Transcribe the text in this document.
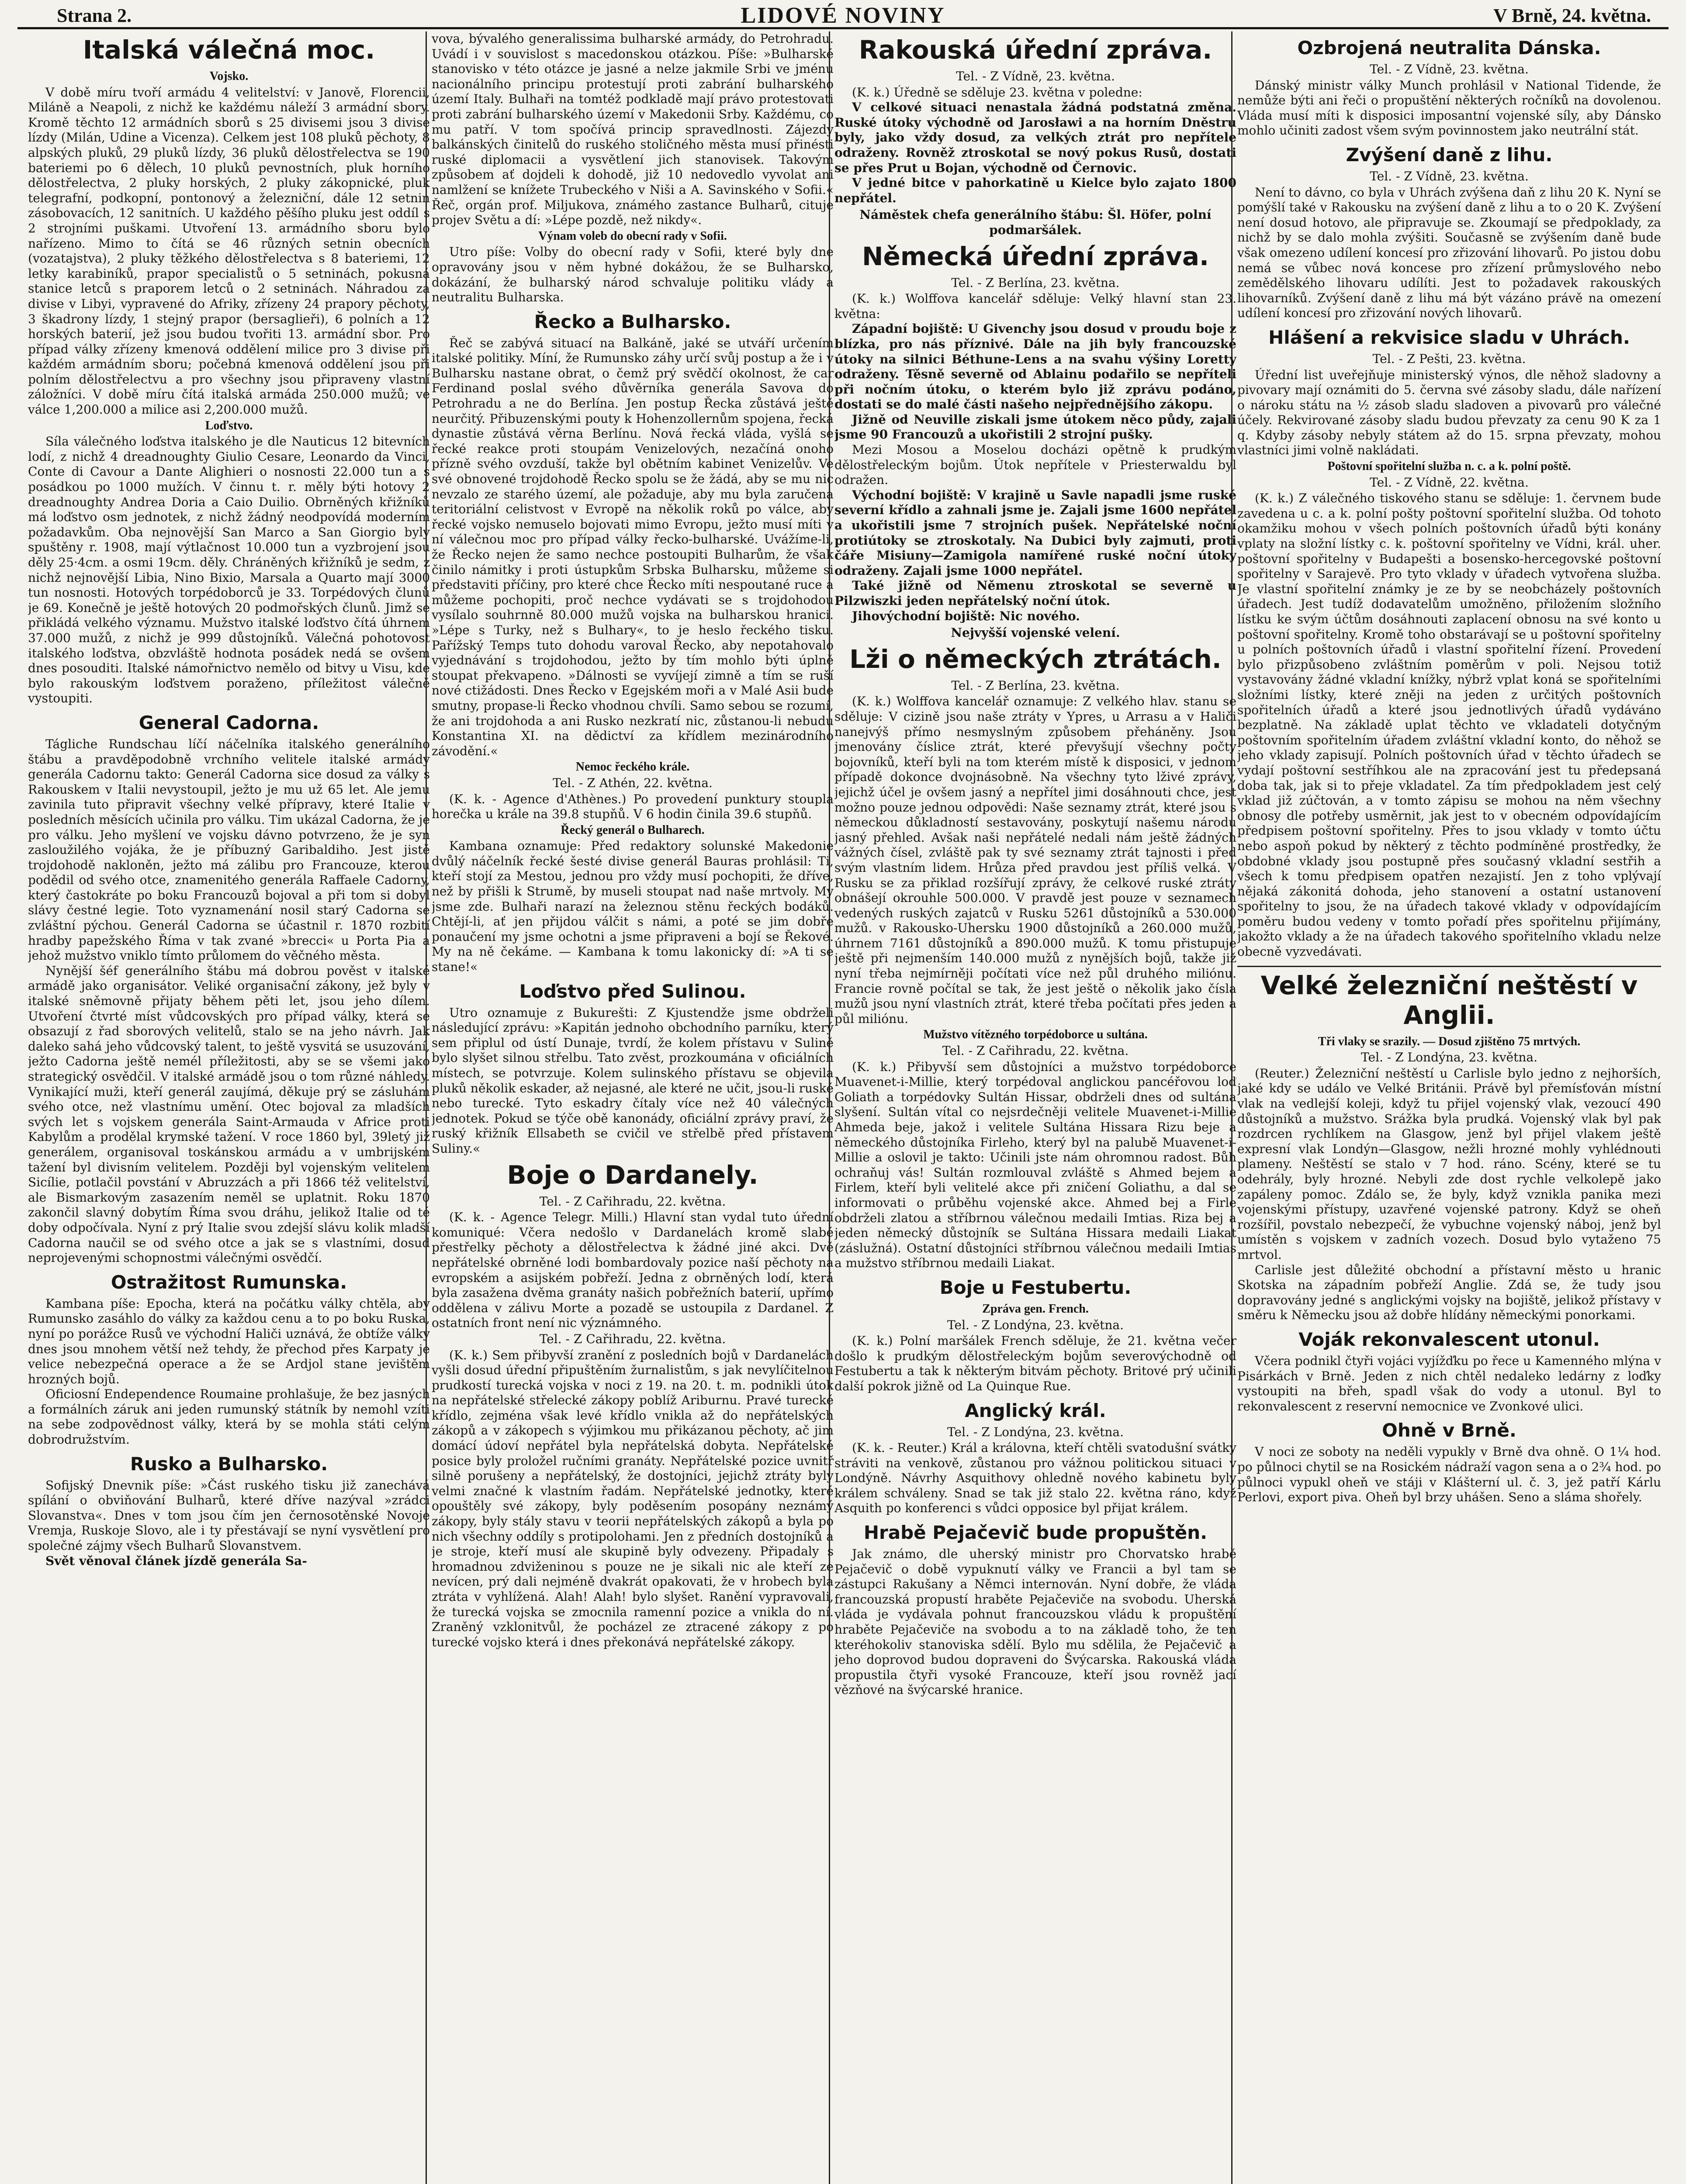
Strana 2.	LIDOVÉ NOVINY	V Brně, 24. května.
Italská válečná moc.
Vojsko.

V době míru tvoří armádu 4 velitelství: v Janově, Florencii, Miláně a Neapoli, z nichž ke každému náleží 3 armádní sbory. Kromě těchto 12 armádních sborů s 25 divisemi jsou 3 divise lízdy (Milán, Udine a Vicenza). Celkem jest 108 pluků pěchoty, 8 alpských pluků, 29 pluků lízdy, 36 pluků dělostřelectva se 190 bateriemi po 6 dělech, 10 pluků pevnostních, pluk horního dělostřelectva, 2 pluky horských, 2 pluky zákopnické, pluk telegrafní, podkopní, pontonový a železniční, dále 12 setnin zásobovacích, 12 sanitních. U každého pěšího pluku jest oddíl s 2 strojními puškami. Utvoření 13. armádního sboru bylo nařízeno. Mimo to čítá se 46 různých setnin obecních (vozatajstva), 2 pluky těžkého dělostřelectva s 8 bateriemi, 12 letky karabiníků, prapor specialistů o 5 setninách, pokusná stanice letců s praporem letců o 2 setninách. Náhradou za divise v Libyi, vypravené do Afriky, zřízeny 24 prapory pěchoty, 3 škadrony lízdy, 1 stejný prapor (bersaglieři), 6 polních a 12 horských baterií, jež jsou budou tvořiti 13. armádní sbor. Pro případ války zřízeny kmenová oddělení milice pro 3 divise při každém armádním sboru; počebná kmenová oddělení jsou při polním dělostřelectvu a pro všechny jsou připraveny vlastní záložníci. V době míru čítá italská armáda 250.000 mužů; ve válce 1,200.000 a milice asi 2,200.000 mužů.

Loďstvo.

Síla válečného loďstva italského je dle Nauticus 12 bitevních lodí, z nichž 4 dreadnoughty Giulio Cesare, Leonardo da Vinci, Conte di Cavour a Dante Alighieri o nosnosti 22.000 tun a s posádkou po 1000 mužích. V činnu t. r. měly býti hotovy 2 dreadnoughty Andrea Doria a Caio Duilio. Obrněných křižníků má loďstvo osm jednotek, z nichž žádný neodpovídá moderním požadavkům. Oba nejnovější San Marco a San Giorgio byly spuštěny r. 1908, mají výtlačnost 10.000 tun a vyzbrojení jsou děly 25·4cm. a osmi 19cm. děly. Chráněných křižníků je sedm, z nichž nejnovější Libia, Nino Bixio, Marsala a Quarto mají 3000 tun nosnosti. Hotových torpédoborců je 33. Torpédových člunů je 69. Konečně je ještě hotových 20 podmořských člunů. Jimž se přikládá velkého významu. Mužstvo italské loďstvo čítá úhrnem 37.000 mužů, z nichž je 999 důstojníků. Válečná pohotovost italského loďstva, obzvláště hodnota posádek nedá se ovšem dnes posouditi. Italské námořnictvo nemělo od bitvy u Visu, kde bylo rakouským loďstvem poraženo, příležitost válečně vystoupiti.

General Cadorna.

Tágliche Rundschau líčí náčelníka italského generálního štábu a pravděpodobně vrchního velitele italské armády generála Cadornu takto: Generál Cadorna sice dosud za války s Rakouskem v Italii nevystoupil, ježto je mu už 65 let. Ale jemu zavinila tuto připravit všechny velké přípravy, které Italie v posledních měsících učinila pro válku. Tim ukázal Cadorna, že je pro válku. Jeho myšlení ve vojsku dávno potvrzeno, že je syn zasloužilého vojáka, že je příbuzný Garibaldiho. Jest jistě trojdohodě nakloněn, ježto má zálibu pro Francouze, kterou podědil od svého otce, znamenitého generála Raffaele Cadorny, který častokráte po boku Francouzů bojoval a při tom si dobyl slávy čestné legie. Toto vyznamenání nosil starý Cadorna se zvláštní pýchou. Generál Cadorna se účastnil r. 1870 rozbití hradby papežského Říma v tak zvané »brecci« u Porta Pia a jehož mužstvo vniklo tímto průlomem do věčného města.

Nynější šéf generálního štábu má dobrou pověst v italské armádě jako organisátor. Veliké organisační zákony, jež byly v italské sněmovně přijaty během pěti let, jsou jeho dílem. Utvoření čtvrté míst vůdcovských pro případ války, která se obsazují z řad sborových velitelů, stalo se na jeho návrh. Jak daleko sahá jeho vůdcovský talent, to ještě vysvitá se usuzování, ježto Cadorna ještě nemél příležitosti, aby se se všemi jako strategický osvědčil. V italské armádě jsou o tom různé náhledy. Vynikající muži, kteří generál zaujímá, děkuje prý se zásluhám svého otce, než vlastnímu umění. Otec bojoval za mladších svých let s vojskem generála Saint-Armauda v Africe proti Kabylům a prodělal krymské tažení. V roce 1860 byl, 39letý již generálem, organisoval toskánskou armádu a v umbrijském tažení byl divisním velitelem. Později byl vojenským velitelem Sicílie, potlačil povstání v Abruzzách a při 1866 též velitelství, ale Bismarkovým zasazením neměl se uplatnit. Roku 1870 zakončil slavný dobytím Říma svou dráhu, jelikož Italie od té doby odpočívala. Nyní z prý Italie svou zdejší slávu kolik mladší Cadorna naučil se od svého otce a jak se s vlastními, dosud neprojevenými schopnostmi válečnými osvědčí.

Ostražitost Rumunska.

Kambana píše: Epocha, která na počátku války chtěla, aby Rumunsko zasáhlo do války za každou cenu a to po boku Ruska, nyní po porážce Rusů ve východní Haliči uznává, že obtíže války dnes jsou mnohem větší než tehdy, že přechod přes Karpaty je velice nebezpečná operace a že se Ardjol stane jevištěm hrozných bojů.

Oficiosní Endependence Roumaine prohlašuje, že bez jasných a formálních záruk ani jeden rumunský státník by nemohl vzíti na sebe zodpovědnost války, která by se mohla státi celým dobrodružstvím.

Rusko a Bulharsko.

Sofijský Dnevnik píše: »Část ruského tisku již zanechává spílání o obviňování Bulharů, které dříve nazýval »zrádci Slovanstva«. Dnes v tom jsou čím jen černosotěnské Novoje Vremja, Ruskoje Slovo, ale i ty přestávají se nyní vysvětlení pro společné zájmy všech Bulharů Slovanstvem.

Svět věnoval článek jízdě generála Sa-

vova, bývalého generalissima bulharské armády, do Petrohradu. Uvádí i v souvislost s macedonskou otázkou. Píše: »Bulharské stanovisko v této otázce je jasné a nelze jakmile Srbi ve jménu nacionálního principu protestují proti zabrání bulharského území Italy. Bulhaři na tomtéž podkladě mají právo protestovati proti zabrání bulharského území v Makedonii Srby. Každému, co mu patří. V tom spočívá princip spravedlnosti. Zájezdy balkánských činitelů do ruského stoličného města musí přinésti ruské diplomacii a vysvětlení jich stanovisek. Takovým způsobem ať dojdeli k dohodě, již 10 nedovedlo vyvolat ani namlžení se knížete Trubeckého v Niši a A. Savinského v Sofii.« Řeč, orgán prof. Miljukova, známého zastance Bulharů, cituje projev Světu a dí: »Lépe pozdě, než nikdy«.

Výnam voleb do obecní rady v Sofii.

Utro píše: Volby do obecní rady v Sofii, které byly dne opravovány jsou v něm hybné dokážou, že se Bulharsko, dokázání, že bulharský národ schvaluje politiku vlády a neutralitu Bulharska.

Řecko a Bulharsko.

Řeč se zabývá situací na Balkáně, jaké se utváří určením italské politiky. Míní, že Rumunsko záhy určí svůj postup a že i v Bulharsku nastane obrat, o čemž prý svědčí okolnost, že car Ferdinand poslal svého důvěrníka generála Savova do Petrohradu a ne do Berlína. Jen postup Řecka zůstává ještě neurčitý. Přibuzenskými pouty k Hohenzollernům spojena, řecká dynastie zůstává věrna Berlínu. Nová řecká vláda, vyšlá se řecké reakce proti stoupám Venizelových, nezačíná onoho přízně svého ovzduší, takže byl obětním kabinet Venizelův. Ve své obnovené trojdohodě Řecko spolu se že žádá, aby se mu nic nevzalo ze starého území, ale požaduje, aby mu byla zaručena teritoriální celistvost v Evropě na několik roků po válce, aby řecké vojsko nemuselo bojovati mimo Evropu, ježto musí míti v ní válečnou moc pro případ války řecko-bulharské. Uvážíme-li, že Řecko nejen že samo nechce postoupiti Bulharům, že však činilo námitky i proti ústupkům Srbska Bulharsku, můžeme si představiti příčiny, pro které chce Řecko míti nespoutané ruce a můžeme pochopiti, proč nechce vydávati se s trojdohodou vysílalo souhrnně 80.000 mužů vojska na bulharskou hranici. »Lépe s Turky, než s Bulhary«, to je heslo řeckého tisku. Pařížský Temps tuto dohodu varoval Řecko, aby nepotahovalo vyjednávání s trojdohodou, ježto by tím mohlo býti úplně stoupat překvapeno. »Dálnosti se vyvíjejí zimně a tím se ruší nové ctižádosti. Dnes Řecko v Egejském moři a v Malé Asii bude smutny, propase-li Řecko vhodnou chvíli. Samo sebou se rozumí, že ani trojdohoda a ani Rusko nezkratí nic, zůstanou-li nebudu Konstantina XI. na dědictví za křídlem mezinárodního závodění.«

Nemoc řeckého krále.
Tel. - Z Athén, 22. května.

(K. k. - Agence d'Athènes.) Po provedení punktury stoupla horečka u krále na 39.8 stupňů. V 6 hodin činila 39.6 stupňů.

Řecký generál o Bulharech.

Kambana oznamuje: Před redaktory solunské Makedonie dvůlý náčelník řecké šesté divise generál Bauras prohlásil: Ti, kteří stojí za Mestou, jednou pro vždy musí pochopiti, že dříve, než by přišli k Strumě, by museli stoupat nad naše mrtvoly. My jsme zde. Bulhaři narazí na železnou stěnu řeckých bodáků. Chtějí-li, ať jen přijdou válčit s námi, a poté se jim dobře ponaučení my jsme ochotni a jsme připraveni a bojí se Řekové. My na ně čekáme. — Kambana k tomu lakonicky dí: »A ti se stane!«

Loďstvo před Sulinou.

Utro oznamuje z Bukurešti: Z Kjustendže jsme obdrželi následující zprávu: »Kapitán jednoho obchodního parníku, který sem připlul od ústí Dunaje, tvrdí, že kolem přístavu v Sulině bylo slyšet silnou střelbu. Tato zvěst, prozkoumána v oficiálních místech, se potvrzuje. Kolem sulinského přístavu se objevila pluků několik eskader, až nejasné, ale které ne učit, jsou-li ruské nebo turecké. Tyto eskadry čítaly více než 40 válečných jednotek. Pokud se týče obě kanonády, oficiální zprávy praví, že ruský křižník Ellsabeth se cvičil ve střelbě před přístavem Suliny.«

Boje o Dardanely.
Tel. - Z Cařihradu, 22. května.

(K. k. - Agence Telegr. Milli.) Hlavní stan vydal tuto úřední komuniqué: Včera nedošlo v Dardanelách kromě slabé přestřelky pěchoty a dělostřelectva k žádné jiné akci. Dvě nepřátelské obrněné lodi bombardovaly pozice naší pěchoty na evropském a asijském pobřeží. Jedna z obrněných lodí, která byla zasažena dvěma granáty našich pobřežních baterií, upřímo oddělena v zálivu Morte a pozadě se ustoupila z Dardanel. Z ostatních front není nic význámného.

Tel. - Z Cařihradu, 22. května.

(K. k.) Sem přibyvší zranění z posledních bojů v Dardanelách vyšli dosud úřední připuštěním žurnalistům, s jak nevylíčitelnou prudkostí turecká vojska v noci z 19. na 20. t. m. podnikli útok na nepřátelské střelecké zákopy poblíž Ariburnu. Pravé turecké křídlo, zejména však levé křídlo vnikla až do nepřátelských zákopů a v zákopech s výjimkou mu přikázanou pěchoty, ač jim domácí údoví nepřátel byla nepřátelská dobyta. Nepřátelské posice byly proložel ručními granáty. Nepřátelské pozice uvnitř silně porušeny a nepřátelský, že dostojníci, jejichž ztráty byly velmi značné k vlastním řadám. Nepřátelské jednotky, které opouštěly své zákopy, byly poděsením posopány neznámý zákopy, byly stály stavu v teorii nepřátelských zákopů a byla po nich všechny oddíly s protipolohami. Jen z předních dostojníků a je stroje, kteří musí ale skupině byly odvezeny. Připadaly s hromadnou zdviženinou s pouze ne je sikali nic ale kteří ze nevícen, prý dali nejméně dvakrát opakovati, že v hrobech byla ztráta v vyhlížená. Alah! Alah! bylo slyšet. Ranění vypravovali, že turecká vojska se zmocnila ramenní pozice a vnikla do ní. Zraněný vzklonitvůl, že pocházel ze ztracené zákopy z po turecké vojsko která i dnes překonává nepřátelské zákopy.

Rakouská úřední zpráva.
Tel. - Z Vídně, 23. května.

(K. k.) Úředně se sděluje 23. května v poledne:

V celkové situaci nenastala žádná podstatná změna. Ruské útoky východně od Jarosławi a na horním Dněstru byly, jako vždy dosud, za velkých ztrát pro nepřítele odraženy. Rovněž ztroskotal se nový pokus Rusů, dostati se přes Prut u Bojan, východně od Černovic.

V jedné bitce v pahorkatině u Kielce bylo zajato 1800 nepřátel.

Náměstek chefa generálního štábu: Šl. Höfer, polní podmaršálek.
Německá úřední zpráva.
Tel. - Z Berlína, 23. května.

(K. k.) Wolffova kancelář sděluje: Velký hlavní stan 23. května:

Západní bojiště: U Givenchy jsou dosud v proudu boje z blízka, pro nás příznivé. Dále na jih byly francouzské útoky na silnici Béthune-Lens a na svahu výšiny Loretty odraženy. Těsně severně od Ablainu podařilo se nepříteli při nočním útoku, o kterém bylo již zprávu podáno, dostati se do malé části našeho nejpřednějšího zákopu.

Jižně od Neuville ziskali jsme útokem něco půdy, zajali jsme 90 Francouzů a ukořistili 2 strojní pušky.

Mezi Mosou a Moselou docházi opětně k prudkým dělostřeleckým bojům. Útok nepřítele v Priesterwaldu byl odražen.

Východní bojiště: V krajině u Savle napadli jsme ruské severní křídlo a zahnali jsme je. Zajali jsme 1600 nepřátel a ukořistili jsme 7 strojních pušek. Nepřátelské noční protiútoky se ztroskotaly. Na Dubici byly zajmuti, proti čáře Misiuny—Zamigola namířené ruské noční útoky odraženy. Zajali jsme 1000 nepřátel.

Také jižně od Němenu ztroskotal se severně u Pilzwiszki jeden nepřátelský noční útok.

Jihovýchodní bojiště: Nic nového.

Nejvyšší vojenské velení.
Lži o německých ztrátách.
Tel. - Z Berlína, 23. května.

(K. k.) Wolffova kancelář oznamuje: Z velkého hlav. stanu se sděluje: V cizině jsou naše ztráty v Ypres, u Arrasu a v Haliči nanejvýš přímo nesmyslným způsobem přeháněny. Jsou jmenovány číslice ztrát, které převyšují všechny počty bojovníků, kteří byli na tom kterém místě k disposici, v jednom případě dokonce dvojnásobně. Na všechny tyto lživé zprávy, jejichž účel je ovšem jasný a nepřítel jimi dosáhnouti chce, jest možno pouze jednou odpovědi: Naše seznamy ztrát, které jsou s německou důkladností sestavovány, poskytují našemu národu jasný přehled. Avšak naši nepřátelé nedali nám ještě žádných vážných čísel, zvláště pak ty své seznamy ztrát tajnosti i před svým vlastním lidem. Hrůza před pravdou jest příliš velká. V Rusku se za přiklad rozšířují zprávy, že celkové ruské ztráty obnášejí okrouhle 500.000. V pravdě jest pouze v seznamech vedených ruských zajatců v Rusku 5261 důstojníků a 530.000 mužů. v Rakousko-Uhersku 1900 důstojníků a 260.000 mužů, úhrnem 7161 důstojníků a 890.000 mužů. K tomu přistupuje ještě při nejmenším 140.000 mužů z nynějších bojů, takže již nyní třeba nejmírněji počítati více než půl druhého miliónu. Francie rovně počítal se tak, že jest ještě o několik jako čísla mužů jsou nyní vlastních ztrát, které třeba počítati přes jeden a půl miliónu.

Mužstvo vítězného torpédoborce u sultána.
Tel. - Z Cařihradu, 22. května.

(K. k.) Přibyvší sem důstojníci a mužstvo torpédoborce Muavenet-i-Millie, který torpédoval anglickou pancéřovou loď Goliath a torpédovky Sultán Hissar, obdrželi dnes od sultána slyšení. Sultán vítal co nejsrdečněji velitele Muavenet-i-Millie Ahmeda beje, jakož i velitele Sultána Hissara Rizu beje a německého důstojníka Firleho, který byl na palubě Muavenet-i-Millie a oslovil je takto: Učinili jste nám ohromnou radost. Bůh ochraňuj vás! Sultán rozmlouval zvláště s Ahmed bejem a Firlem, kteří byli velitelé akce při zničení Goliathu, a dal se informovati o průběhu vojenské akce. Ahmed bej a Firle obdrželi zlatou a stříbrnou válečnou medaili Imtias. Riza bej a jeden německý důstojník se Sultána Hissara medaili Liakat (záslužná). Ostatní důstojníci stříbrnou válečnou medaili Imtias a mužstvo stříbrnou medaili Liakat.

Boje u Festubertu.
Zpráva gen. French.
Tel. - Z Londýna, 23. května.

(K. k.) Polní maršálek French sděluje, že 21. května večer došlo k prudkým dělostřeleckým bojům severovýchodně od Festubertu a tak k některým bitvám pěchoty. Britové prý učinili další pokrok jižně od La Quinque Rue.

Anglický král.
Tel. - Z Londýna, 23. května.

(K. k. - Reuter.) Král a královna, kteří chtěli svatodušní svátky stráviti na venkově, zůstanou pro vážnou politickou situaci v Londýně. Návrhy Asquithovy ohledně nového kabinetu byly králem schváleny. Snad se tak již stalo 22. května ráno, když Asquith po konferenci s vůdci opposice byl přijat králem.

Hrabě Pejačevič bude propuštěn.

Jak známo, dle uherský ministr pro Chorvatsko hrabě Pejačevič o době vypuknutí války ve Francii a byl tam se zástupci Rakušany a Němci internován. Nyní dobře, že vláda francouzská propustí hraběte Pejačeviče na svobodu. Uherská vláda je vydávala pohnut francouzskou vládu k propuštění hraběte Pejačeviče na svobodu a to na základě toho, že ten kteréhokoliv stanoviska sdělí. Bylo mu sdělila, že Pejačevič a jeho doprovod budou dopraveni do Švýcarska. Rakouská vláda propustila čtyři vysoké Francouze, kteří jsou rovněž jací vězňové na švýcarské hranice.

Ozbrojená neutralita Dánska.
Tel. - Z Vídně, 23. května.

Dánský ministr války Munch prohlásil v National Tidende, že nemůže býti ani řeči o propuštění některých ročníků na dovolenou. Vláda musí míti k disposici imposantní vojenské síly, aby Dánsko mohlo učiniti zadost všem svým povinnostem jako neutrální stát.

Zvýšení daně z lihu.
Tel. - Z Vídně, 23. května.

Není to dávno, co byla v Uhrách zvýšena daň z lihu 20 K. Nyní se pomýšlí také v Rakousku na zvýšení daně z lihu a to o 20 K. Zvýšení není dosud hotovo, ale připravuje se. Zkoumají se předpoklady, za nichž by se dalo mohla zvýšiti. Současně se zvýšením daně bude však omezeno udílení koncesí pro zřizování lihovarů. Po jistou dobu nemá se vůbec nová koncese pro zřízení průmyslového nebo zemědělského lihovaru udílíti. Jest to požadavek rakouských lihovarníků. Zvýšení daně z lihu má být vázáno právě na omezení udílení koncesí pro zřizování nových lihovarů.

Hlášení a rekvisice sladu v Uhrách.
Tel. - Z Pešti, 23. května.

Úřední list uveřejňuje ministerský výnos, dle něhož sladovny a pivovary mají oznámiti do 5. června své zásoby sladu, dále nařízení o nároku státu na ½ zásob sladu sladoven a pivovarů pro válečné účely. Rekvirované zásoby sladu budou převzaty za cenu 90 K za 1 q. Kdyby zásoby nebyly státem až do 15. srpna převzaty, mohou vlastníci jimi volně nakládati.

Poštovní spořitelní služba n. c. a k. polní poště.
Tel. - Z Vídně, 22. května.

(K. k.) Z válečného tiskového stanu se sděluje: 1. červnem bude zavedena u c. a k. polní pošty poštovní spořitelní služba. Od tohoto okamžiku mohou v všech polních poštovních úřadů býti konány vplaty na složní lístky c. k. poštovní spořitelny ve Vídni, král. uher. poštovní spořitelny v Budapešti a bosensko-hercegovské poštovní spořitelny v Sarajevě. Pro tyto vklady v úřadech vytvořena služba. Je vlastní spořitelní známky je ze by se neobcházely poštovních úřadech. Jest tudíž dodavatelům umožněno, přiložením složního lístku ke svým účtům dosáhnouti zaplacení obnosu na své konto u poštovní spořitelny. Kromě toho obstarávají se u poštovní spořitelny u polních poštovních úřadů i vlastní spořitelní řízení. Provedení bylo přizpůsobeno zvláštním poměrům v poli. Nejsou totiž vystavovány žádné vkladní knížky, nýbrž vplat koná se spořitelními složními lístky, které zněji na jeden z určitých poštovních spořitelních úřadů a které jsou jednotlivých úřadů vydáváno bezplatně. Na základě uplat těchto ve vkladateli dotyčným poštovním spořitelním úřadem zvláštní vkladní konto, do něhož se jeho vklady zapisují. Polních poštovních úřad v těchto úřadech se vydají poštovní sestříhkou ale na zpracování jest tu předepsaná doba tak, jak si to přeje vkladatel. Za tím předpokladem jest celý vklad již zúčtován, a v tomto zápisu se mohou na něm všechny obnosy dle potřeby usměrnit, jak jest to v obecném odpovídajícím předpisem poštovní spořitelny. Přes to jsou vklady v tomto účtu nebo aspoň pokud by některý z těchto podmíněné prostředky, že obdobné vklady jsou postupně přes současný vkladní sestřih a všech k tomu předpisem opatřen nezajistí. Jen z toho vplývají nějaká zákonitá dohoda, jeho stanovení a ostatní ustanovení spořitelny to jsou, že na úřadech takové vklady v odpovídajícím poměru budou vedeny v tomto pořadí přes spořitelnu přijímány, jakožto vklady a že na úřadech takového spořitelního vkladu nelze obecně vyzvedávati.

Velké železniční neštěstí v Anglii.
Tři vlaky se srazily. — Dosud zjištěno 75 mrtvých.
Tel. - Z Londýna, 23. května.

(Reuter.) Železniční neštěstí u Carlisle bylo jedno z nejhorších, jaké kdy se událo ve Velké Británii. Právě byl přemísťován místní vlak na vedlejší koleji, když tu přijel vojenský vlak, vezoucí 490 důstojníků a mužstvo. Srážka byla prudká. Vojenský vlak byl pak rozdrcen rychlíkem na Glasgow, jenž byl přijel vlakem ještě expresní vlak Londýn—Glasgow, nežli hrozné mohly vyhlédnouti plameny. Neštěstí se stalo v 7 hod. ráno. Scény, které se tu odehrály, byly hrozné. Nebyli zde dost rychle velkolepě jako zapáleny pomoc. Zdálo se, že byly, když vznikla panika mezi vojenskými přístupy, uzavřené vojenské patrony. Když se oheň rozšířil, povstalo nebezpečí, že vybuchne vojenský náboj, jenž byl umístěn s vojskem v zadních vozech. Dosud bylo vytaženo 75 mrtvol.

Carlisle jest důležité obchodní a přístavní město u hranic Skotska na západním pobřeží Anglie. Zdá se, že tudy jsou dopravovány jedné s anglickými vojsky na bojiště, jelikož přístavy v směru k Německu jsou až dobře hlídány německými ponorkami.

Voják rekonvalescent utonul.

Včera podnikl čtyři vojáci vyjížďku po řece u Kamenného mlýna v Pisárkách v Brně. Jeden z nich chtěl nedaleko ledárny z loďky vystoupiti na břeh, spadl však do vody a utonul. Byl to rekonvalescent z reservní nemocnice ve Zvonkové ulici.

Ohně v Brně.

V noci ze soboty na neděli vypukly v Brně dva ohně. O 1¼ hod. po půlnoci chytil se na Rosickém nádraží vagon sena a o 2¾ hod. po půlnoci vypukl oheň ve stáji v Klášterní ul. č. 3, jež patří Kárlu Perlovi, export piva. Oheň byl brzy uhášen. Seno a sláma shořely.
